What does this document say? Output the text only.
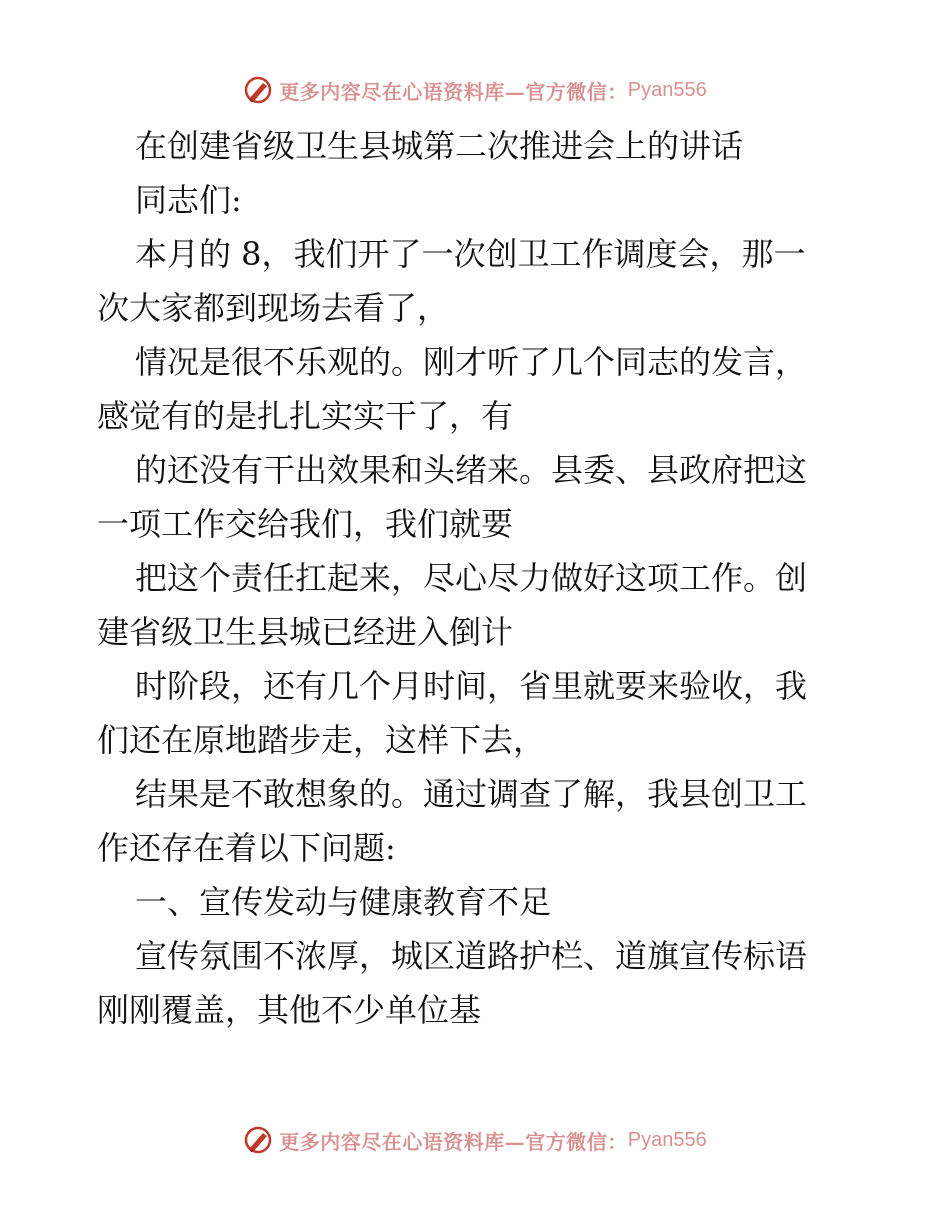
更多内容尽在心语资料库—官方微信： Pyan556
在创建省级卫生县城第二次推进会上的讲话
同志们:
本月的 8，我们开了一次创卫工作调度会，那一
次大家都到现场去看了，
情况是很不乐观的。刚才听了几个同志的发言，
感觉有的是扎扎实实干了，有
的还没有干出效果和头绪来。县委、县政府把这
一项工作交给我们，我们就要
把这个责任扛起来，尽心尽力做好这项工作。创
建省级卫生县城已经进入倒计
时阶段，还有几个月时间，省里就要来验收，我
们还在原地踏步走，这样下去，
结果是不敢想象的。通过调查了解，我县创卫工
作还存在着以下问题:
一、宣传发动与健康教育不足
宣传氛围不浓厚，城区道路护栏、道旗宣传标语
刚刚覆盖，其他不少单位基
更多内容尽在心语资料库—官方微信： Pyan556
